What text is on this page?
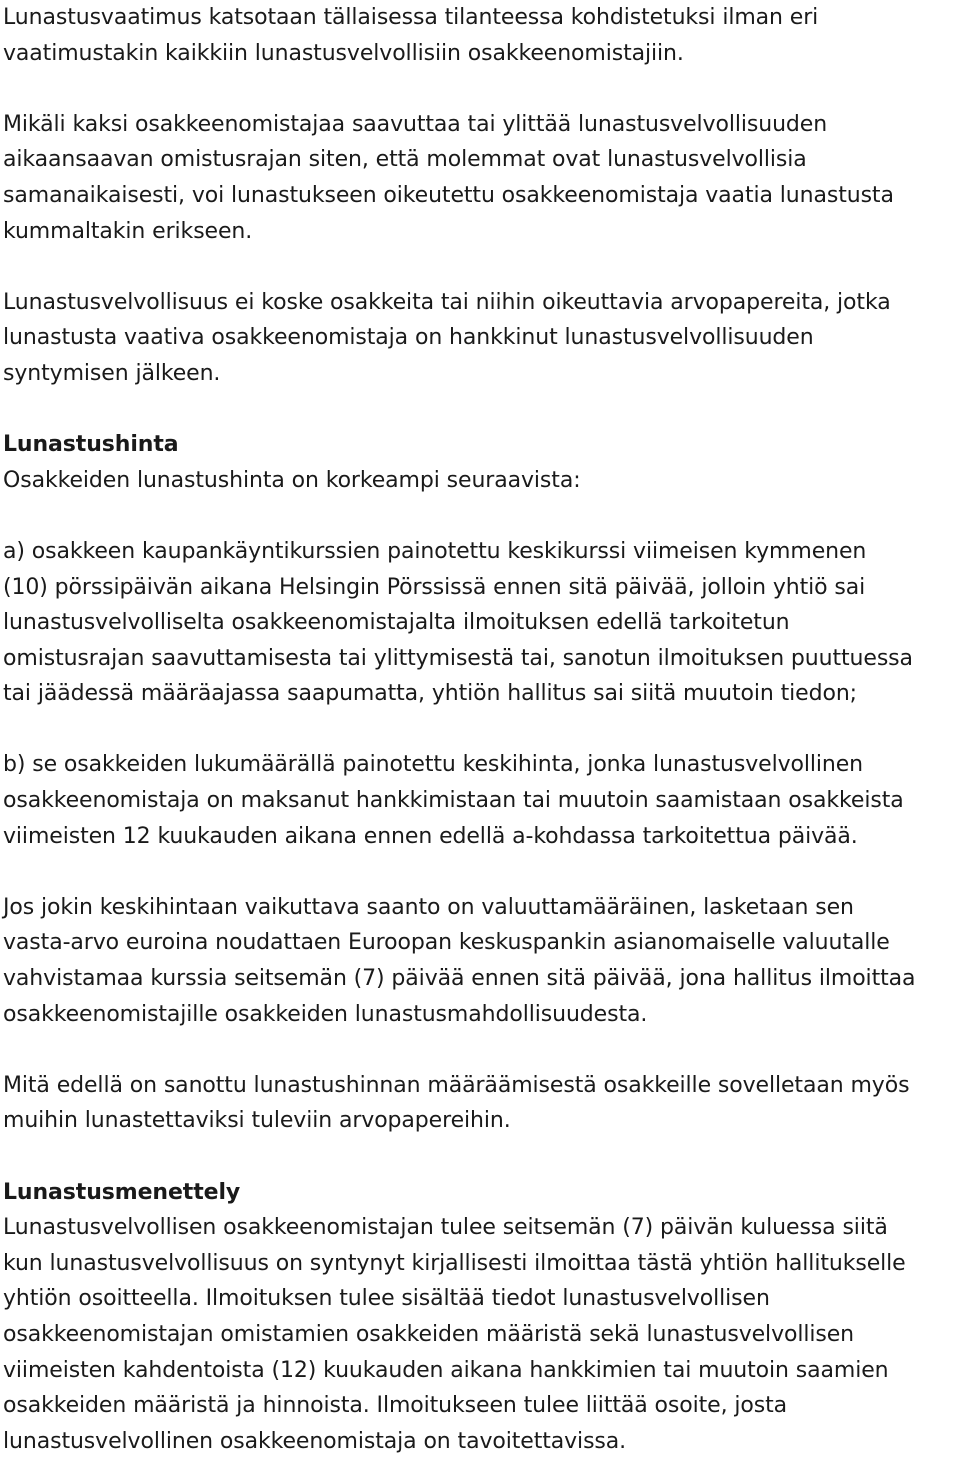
Lunastusvaatimus katsotaan tällaisessa tilanteessa kohdistetuksi ilman eri
vaatimustakin kaikkiin lunastusvelvollisiin osakkeenomistajiin.
Mikäli kaksi osakkeenomistajaa saavuttaa tai ylittää lunastusvelvollisuuden
aikaansaavan omistusrajan siten, että molemmat ovat lunastusvelvollisia
samanaikaisesti, voi lunastukseen oikeutettu osakkeenomistaja vaatia lunastusta
kummaltakin erikseen.
Lunastusvelvollisuus ei koske osakkeita tai niihin oikeuttavia arvopapereita, jotka
lunastusta vaativa osakkeenomistaja on hankkinut lunastusvelvollisuuden
syntymisen jälkeen.
Lunastushinta
Osakkeiden lunastushinta on korkeampi seuraavista:
a) osakkeen kaupankäyntikurssien painotettu keskikurssi viimeisen kymmenen
(10) pörssipäivän aikana Helsingin Pörssissä ennen sitä päivää, jolloin yhtiö sai
lunastusvelvolliselta osakkeenomistajalta ilmoituksen edellä tarkoitetun
omistusrajan saavuttamisesta tai ylittymisestä tai, sanotun ilmoituksen puuttuessa
tai jäädessä määräajassa saapumatta, yhtiön hallitus sai siitä muutoin tiedon;
b) se osakkeiden lukumäärällä painotettu keskihinta, jonka lunastusvelvollinen
osakkeenomistaja on maksanut hankkimistaan tai muutoin saamistaan osakkeista
viimeisten 12 kuukauden aikana ennen edellä a-kohdassa tarkoitettua päivää.
Jos jokin keskihintaan vaikuttava saanto on valuuttamääräinen, lasketaan sen
vasta-arvo euroina noudattaen Euroopan keskuspankin asianomaiselle valuutalle
vahvistamaa kurssia seitsemän (7) päivää ennen sitä päivää, jona hallitus ilmoittaa
osakkeenomistajille osakkeiden lunastusmahdollisuudesta.
Mitä edellä on sanottu lunastushinnan määräämisestä osakkeille sovelletaan myös
muihin lunastettaviksi tuleviin arvopapereihin.
Lunastusmenettely
Lunastusvelvollisen osakkeenomistajan tulee seitsemän (7) päivän kuluessa siitä
kun lunastusvelvollisuus on syntynyt kirjallisesti ilmoittaa tästä yhtiön hallitukselle
yhtiön osoitteella. Ilmoituksen tulee sisältää tiedot lunastusvelvollisen
osakkeenomistajan omistamien osakkeiden määristä sekä lunastusvelvollisen
viimeisten kahdentoista (12) kuukauden aikana hankkimien tai muutoin saamien
osakkeiden määristä ja hinnoista. Ilmoitukseen tulee liittää osoite, josta
lunastusvelvollinen osakkeenomistaja on tavoitettavissa.
